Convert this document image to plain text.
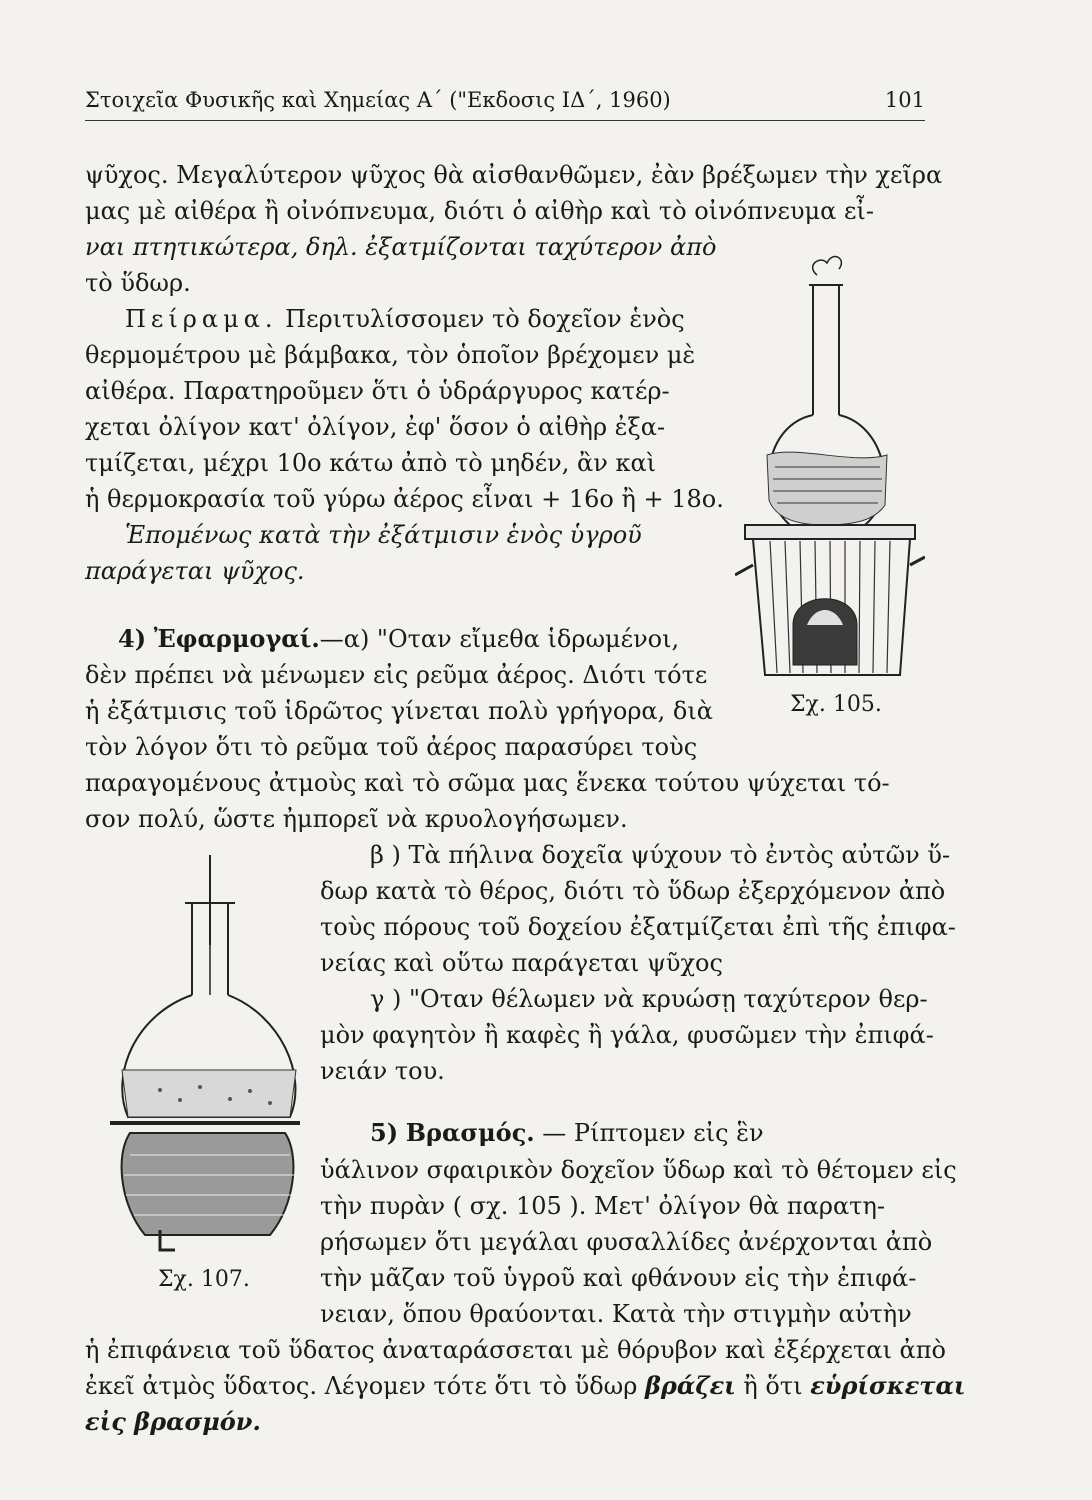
Στοιχεῖα Φυσικῆς καὶ Χημείας Α΄ ("Εκδοσις ΙΔ΄, 1960)	101
ψῦχος. Μεγαλύτερον ψῦχος θὰ αἰσθανθῶμεν, ἐὰν βρέξωμεν τὴν χεῖρα
μας μὲ αἰθέρα ἢ οἰνόπνευμα, διότι ὁ αἰθὴρ καὶ τὸ οἰνόπνευμα εἶ-
ναι πτητικώτερα, δηλ. ἐξατμίζονται ταχύτερον ἀπὸ
τὸ ὕδωρ.
Πείραμα. Περιτυλίσσομεν τὸ δοχεῖον ἑνὸς
θερμομέτρου μὲ βάμβακα, τὸν ὁποῖον βρέχομεν μὲ
αἰθέρα. Παρατηροῦμεν ὅτι ὁ ὑδράργυρος κατέρ-
χεται ὀλίγον κατ' ὀλίγον, ἐφ' ὅσον ὁ αἰθὴρ ἐξα-
τμίζεται, μέχρι 10ο κάτω ἀπὸ τὸ μηδέν, ἂν καὶ
ἡ θερμοκρασία τοῦ γύρω ἀέρος εἶναι + 16ο ἢ + 18ο.
Ἑπομένως κατὰ τὴν ἐξάτμισιν ἑνὸς ὑγροῦ
παράγεται ψῦχος.
Σχ. 105.
4) Ἐφαρμογαί.—α) "Οταν εἴμεθα ἱδρωμένοι,
δὲν πρέπει νὰ μένωμεν εἰς ρεῦμα ἀέρος. Διότι τότε
ἡ ἐξάτμισις τοῦ ἱδρῶτος γίνεται πολὺ γρήγορα, διὰ
τὸν λόγον ὅτι τὸ ρεῦμα τοῦ ἀέρος παρασύρει τοὺς
παραγομένους ἀτμοὺς καὶ τὸ σῶμα μας ἕνεκα τούτου ψύχεται τό-
σον πολύ, ὥστε ἠμπορεῖ νὰ κρυολογήσωμεν.
Σχ. 107.
β ) Τὰ πήλινα δοχεῖα ψύχουν τὸ ἐντὸς αὐτῶν ὕ-
δωρ κατὰ τὸ θέρος, διότι τὸ ὕδωρ ἐξερχόμενον ἀπὸ
τοὺς πόρους τοῦ δοχείου ἐξατμίζεται ἐπὶ τῆς ἐπιφα-
νείας καὶ οὕτω παράγεται ψῦχος
γ ) "Οταν θέλωμεν νὰ κρυώσῃ ταχύτερον θερ-
μὸν φαγητὸν ἢ καφὲς ἢ γάλα, φυσῶμεν τὴν ἐπιφά-
νειάν του.
5) Βρασμός. — Ρίπτομεν εἰς ἓν
ὑάλινον σφαιρικὸν δοχεῖον ὕδωρ καὶ τὸ θέτομεν εἰς
τὴν πυρὰν ( σχ. 105 ). Μετ' ὀλίγον θὰ παρατη-
ρήσωμεν ὅτι μεγάλαι φυσαλλίδες ἀνέρχονται ἀπὸ
τὴν μᾶζαν τοῦ ὑγροῦ καὶ φθάνουν εἰς τὴν ἐπιφά-
νειαν, ὅπου θραύονται. Κατὰ τὴν στιγμὴν αὐτὴν
ἡ ἐπιφάνεια τοῦ ὕδατος ἀναταράσσεται μὲ θόρυβον καὶ ἐξέρχεται ἀπὸ
ἐκεῖ ἀτμὸς ὕδατος. Λέγομεν τότε ὅτι τὸ ὕδωρ βράζει ἢ ὅτι εὑρίσκεται
εἰς βρασμόν.
